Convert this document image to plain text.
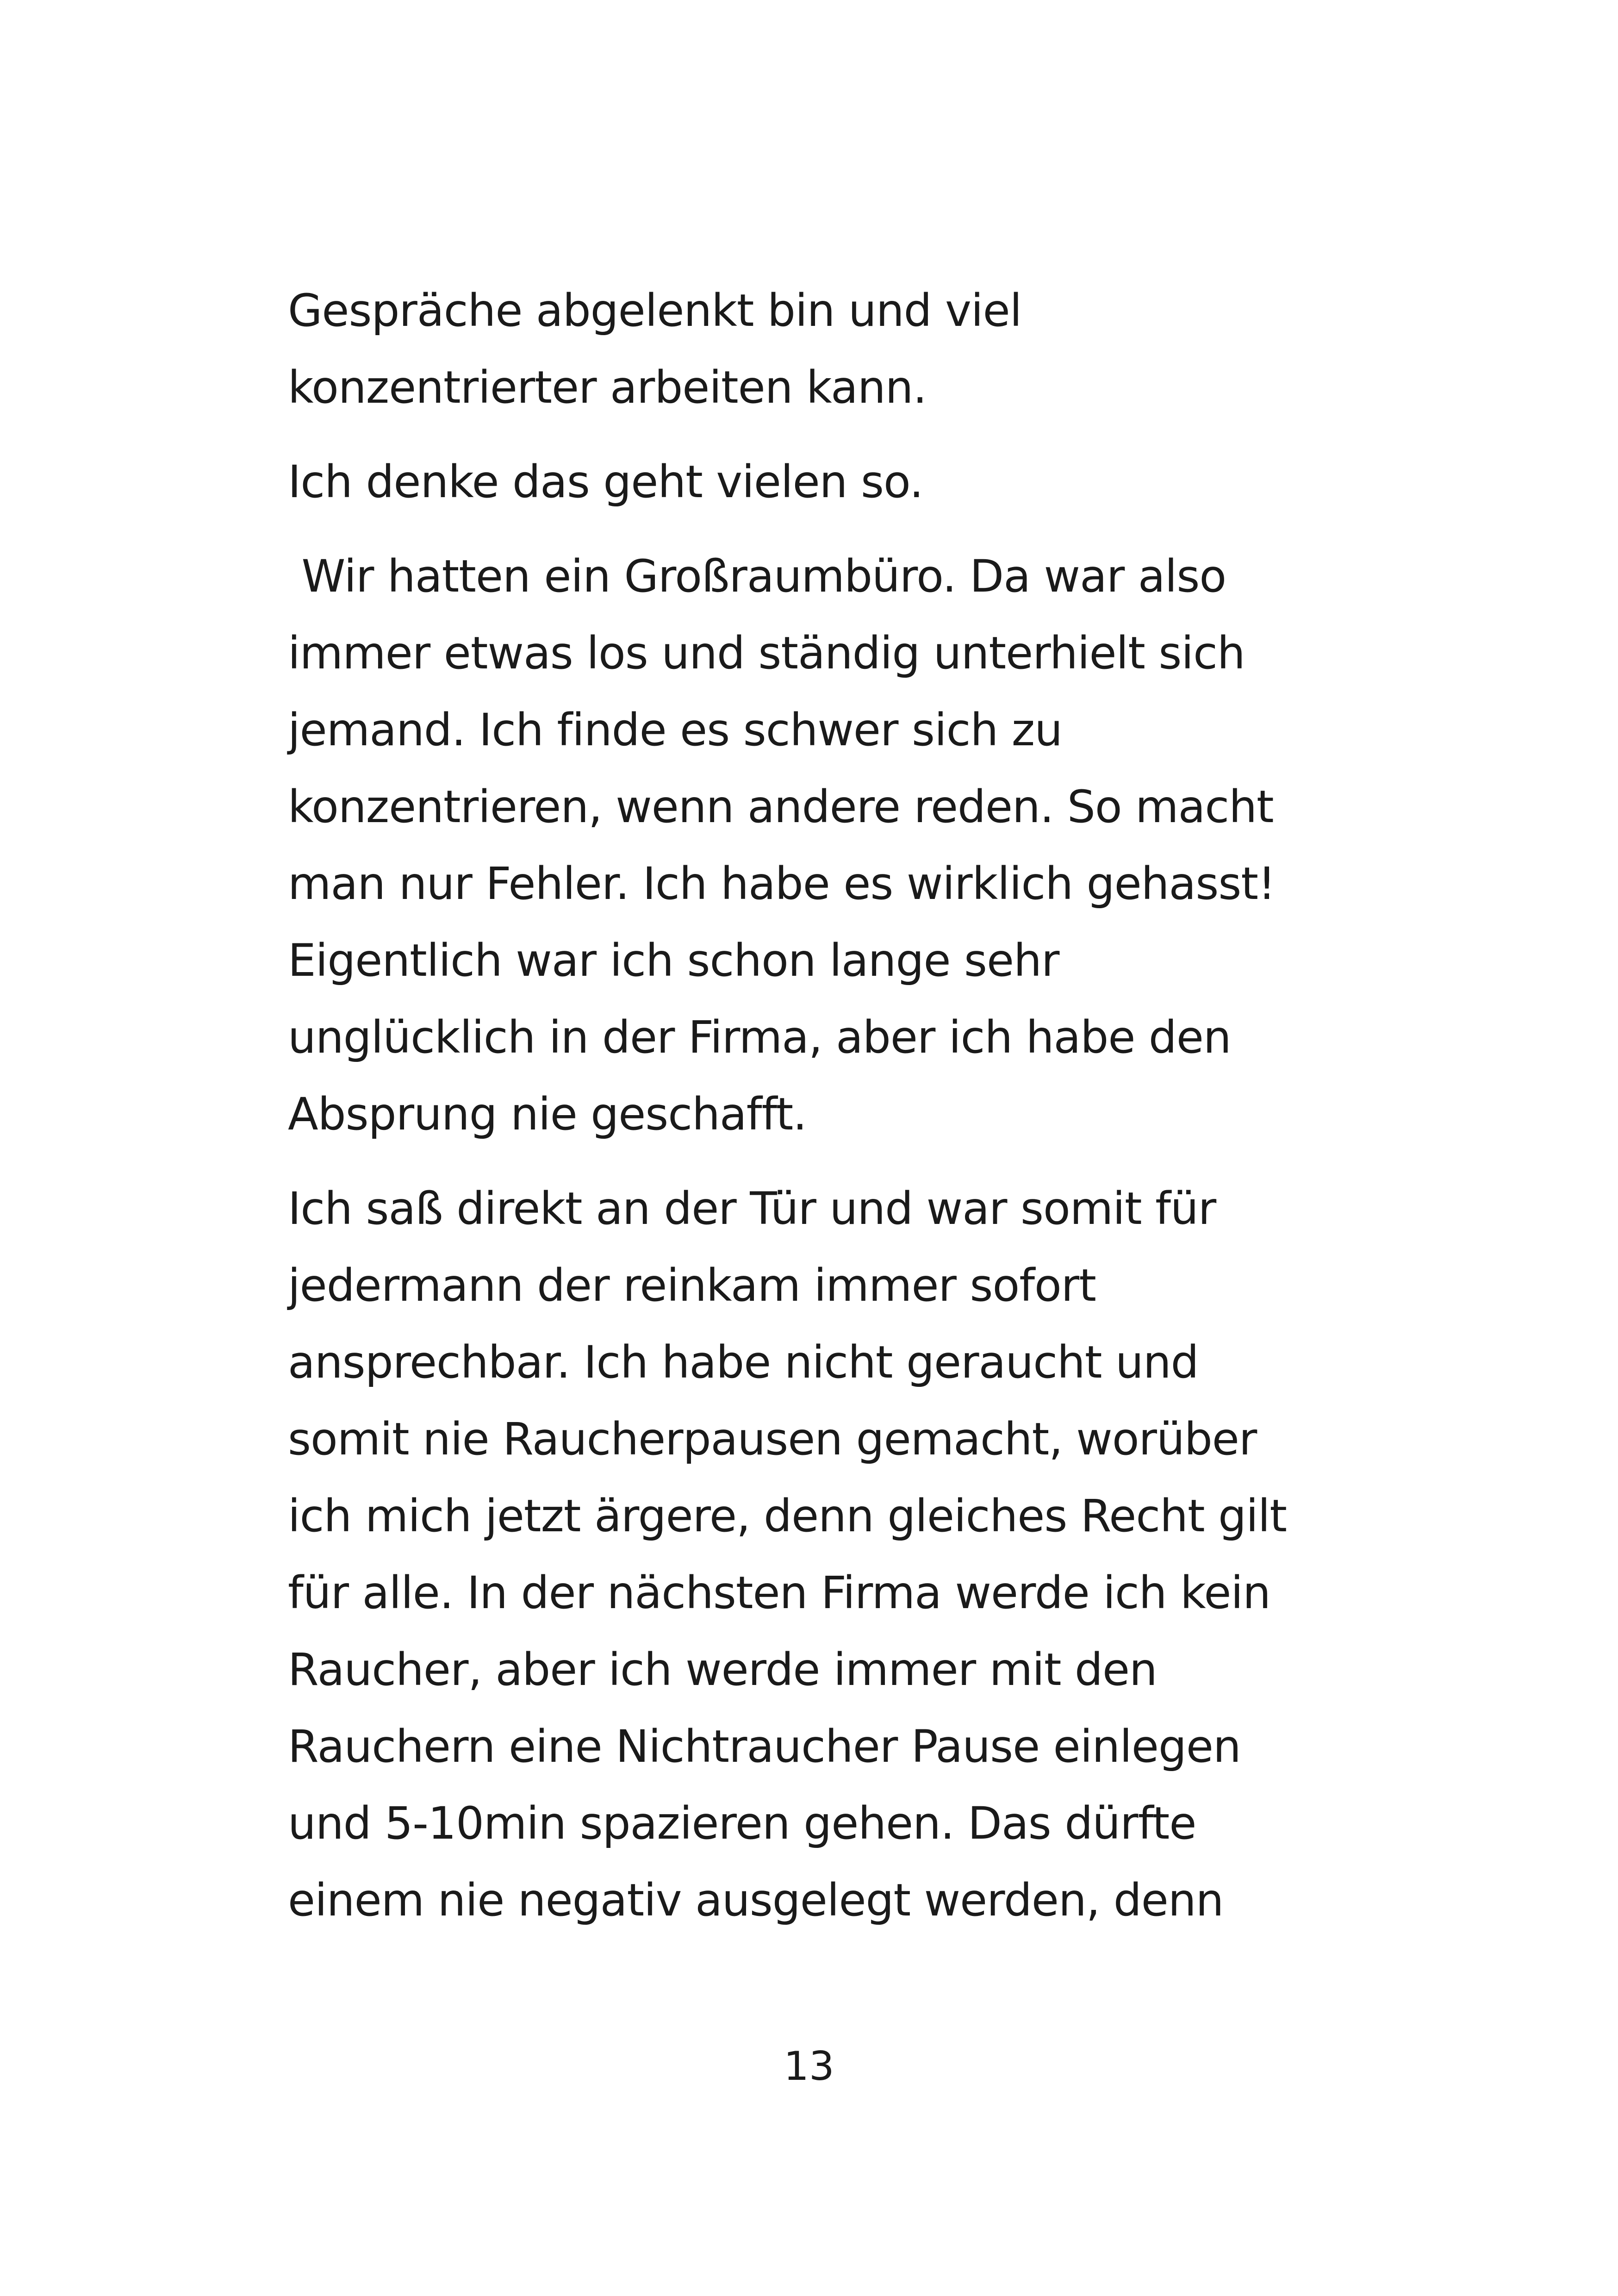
Gespräche abgelenkt bin und viel
konzentrierter arbeiten kann.

Ich denke das geht vielen so.

Wir hatten ein Großraumbüro. Da war also
immer etwas los und ständig unterhielt sich
jemand. Ich finde es schwer sich zu
konzentrieren, wenn andere reden. So macht
man nur Fehler. Ich habe es wirklich gehasst!
Eigentlich war ich schon lange sehr
unglücklich in der Firma, aber ich habe den
Absprung nie geschafft.

Ich saß direkt an der Tür und war somit für
jedermann der reinkam immer sofort
ansprechbar. Ich habe nicht geraucht und
somit nie Raucherpausen gemacht, worüber
ich mich jetzt ärgere, denn gleiches Recht gilt
für alle. In der nächsten Firma werde ich kein
Raucher, aber ich werde immer mit den
Rauchern eine Nichtraucher Pause einlegen
und 5-10min spazieren gehen. Das dürfte
einem nie negativ ausgelegt werden, denn

13
